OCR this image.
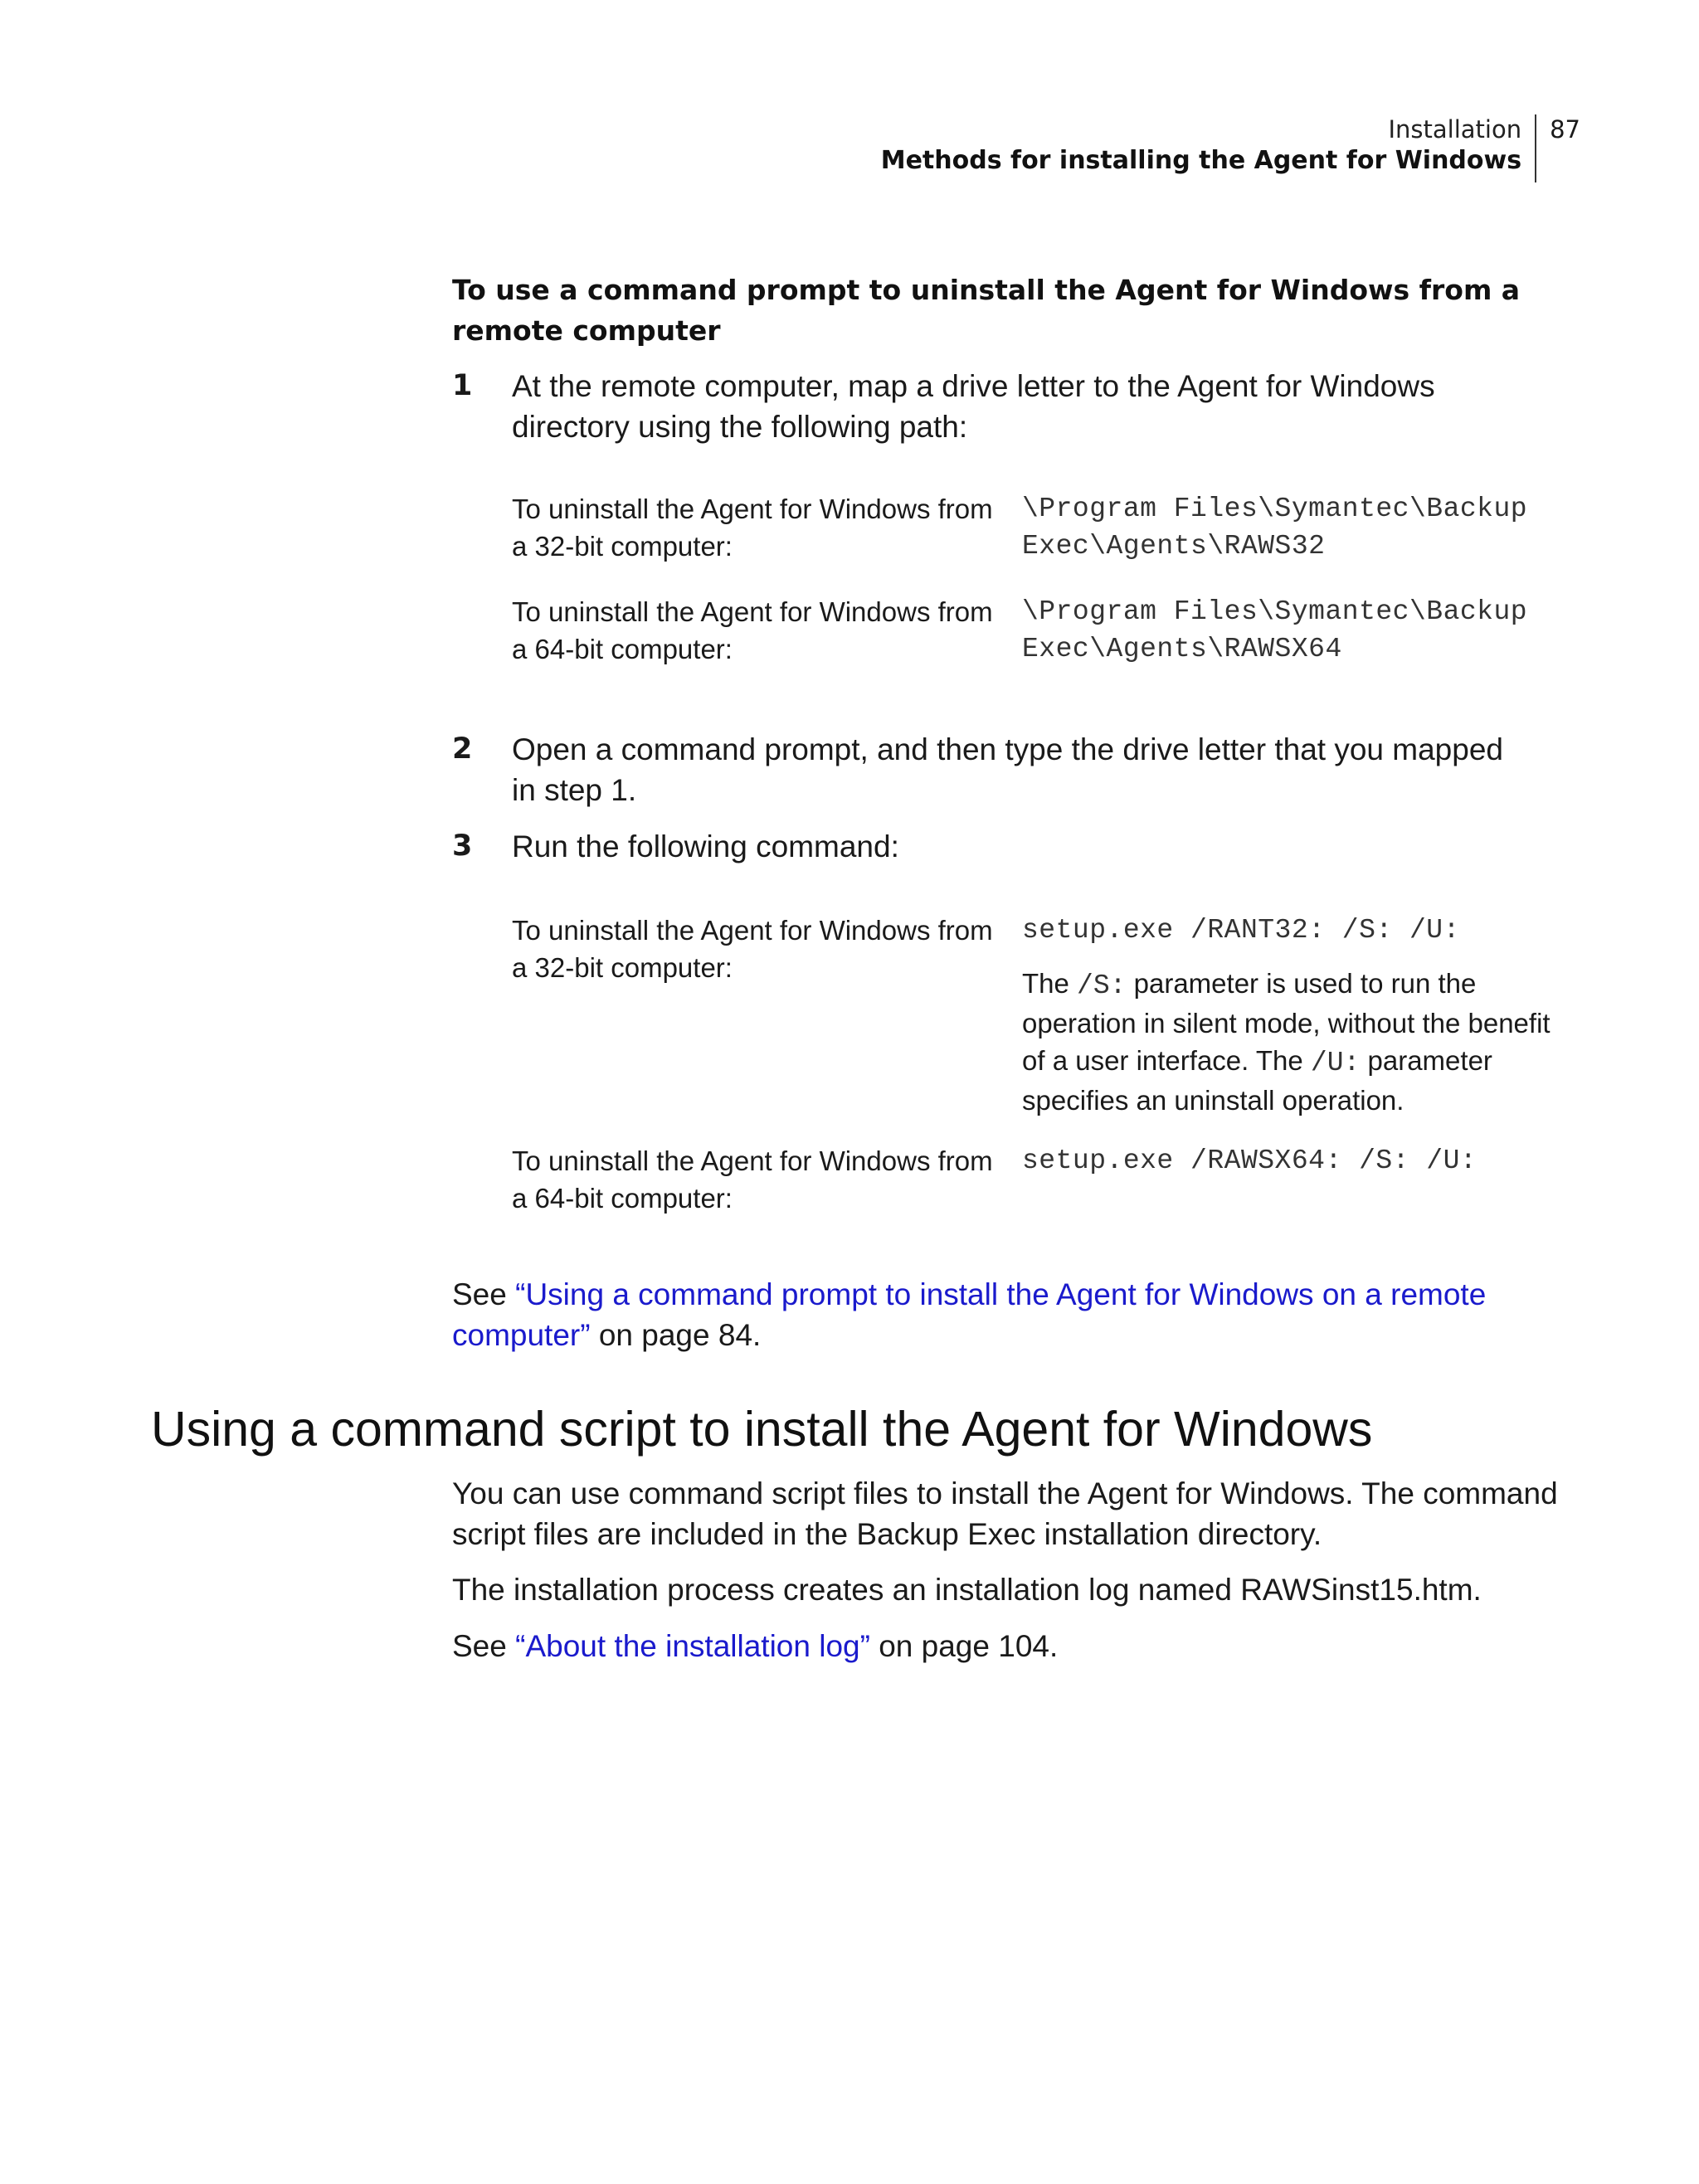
Installation
Methods for installing the Agent for Windows
87
To use a command prompt to uninstall the Agent for Windows from a remote computer
1 At the remote computer, map a drive letter to the Agent for Windows directory using the following path:
To uninstall the Agent for Windows from a 32-bit computer:
\Program Files\Symantec\Backup Exec\Agents\RAWS32
To uninstall the Agent for Windows from a 64-bit computer:
\Program Files\Symantec\Backup Exec\Agents\RAWSX64
2 Open a command prompt, and then type the drive letter that you mapped in step 1.
3 Run the following command:
To uninstall the Agent for Windows from a 32-bit computer:
setup.exe /RANT32: /S: /U:
The /S: parameter is used to run the operation in silent mode, without the benefit of a user interface. The /U: parameter specifies an uninstall operation.
To uninstall the Agent for Windows from a 64-bit computer:
setup.exe /RAWSX64: /S: /U:
See “Using a command prompt to install the Agent for Windows on a remote computer” on page 84.
Using a command script to install the Agent for Windows
You can use command script files to install the Agent for Windows. The command script files are included in the Backup Exec installation directory.
The installation process creates an installation log named RAWSinst15.htm.
See “About the installation log” on page 104.
